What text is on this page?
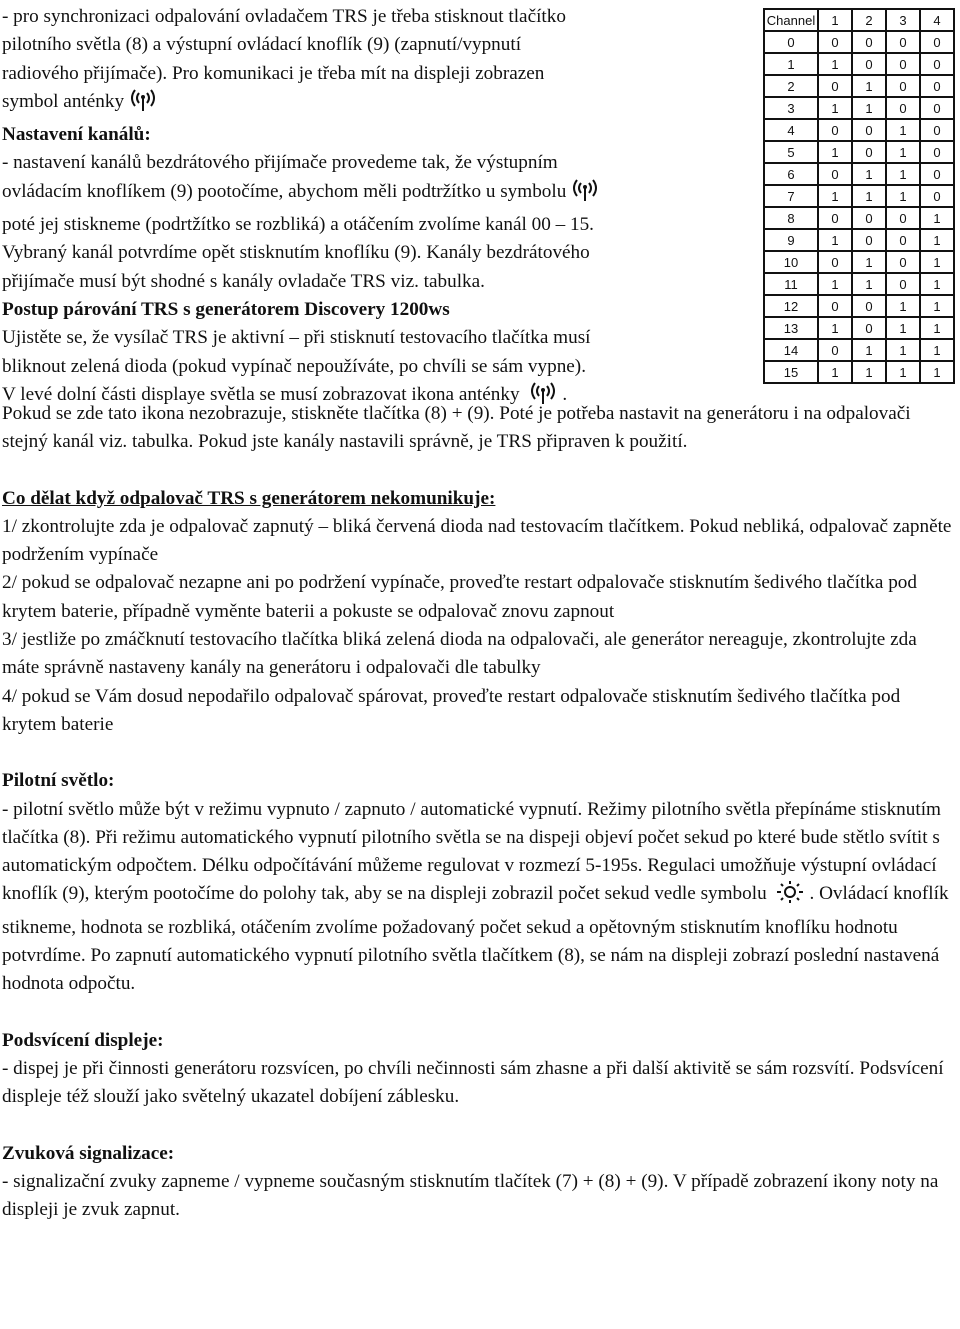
- pro synchronizaci odpalování ovladačem TRS je třeba stisknout tlačítko

pilotního světla (8) a výstupní ovládací knoflík (9) (zapnutí/vypnutí

radiového přijímače). Pro komunikaci je třeba mít na displeji zobrazen

symbol anténky

Nastavení kanálů:

- nastavení kanálů bezdrátového přijímače provedeme tak, že výstupním

ovládacím knoflíkem (9) pootočíme, abychom měli podtržítko u symbolu

poté jej stiskneme (podrtžítko se rozbliká) a otáčením zvolíme kanál 00 – 15.

Vybraný kanál potvrdíme opět stisknutím knoflíku (9). Kanály bezdrátového

přijímače musí být shodné s kanály ovladače TRS viz. tabulka.

Postup párování TRS s generátorem Discovery 1200ws

Ujistěte se, že vysílač TRS je aktivní – při stisknutí testovacího tlačítka musí

bliknout zelená dioda (pokud vypínač nepoužíváte, po chvíli se sám vypne).

V levé dolní části displaye světla se musí zobrazovat ikona anténky .

Channel	1	2	3	4
0	0	0	0	0
1	1	0	0	0
2	0	1	0	0
3	1	1	0	0
4	0	0	1	0
5	1	0	1	0
6	0	1	1	0
7	1	1	1	0
8	0	0	0	1
9	1	0	0	1
10	0	1	0	1
11	1	1	0	1
12	0	0	1	1
13	1	0	1	1
14	0	1	1	1
15	1	1	1	1

Pokud se zde tato ikona nezobrazuje, stiskněte tlačítka (8) + (9). Poté je potřeba nastavit na generátoru i na odpalovači stejný kanál viz. tabulka. Pokud jste kanály nastavili správně, je TRS připraven k použití.

Co dělat když odpalovač TRS s generátorem nekomunikuje:

1/ zkontrolujte zda je odpalovač zapnutý – bliká červená dioda nad testovacím tlačítkem. Pokud nebliká, odpalovač zapněte podržením vypínače

2/ pokud se odpalovač nezapne ani po podržení vypínače, proveďte restart odpalovače stisknutím šedivého tlačítka pod krytem baterie, případně vyměnte baterii a pokuste se odpalovač znovu zapnout

3/ jestliže po zmáčknutí testovacího tlačítka bliká zelená dioda na odpalovači, ale generátor nereaguje, zkontrolujte zda máte správně nastaveny kanály na generátoru i odpalovači dle tabulky

4/ pokud se Vám dosud nepodařilo odpalovač spárovat, proveďte restart odpalovače stisknutím šedivého tlačítka pod krytem baterie

Pilotní světlo:

- pilotní světlo může být v režimu vypnuto / zapnuto / automatické vypnutí. Režimy pilotního světla přepínáme stisknutím tlačítka (8). Při režimu automatického vypnutí pilotního světla se na dispeji objeví počet sekud po které bude stětlo svítit s automatickým odpočtem. Délku odpočítávání můžeme regulovat v rozmezí 5-195s. Regulaci umožňuje výstupní ovládací knoflík (9), kterým pootočíme do polohy tak, aby se na displeji zobrazil počet sekud vedle symbolu . Ovládací knoflík stikneme, hodnota se rozbliká, otáčením zvolíme požadovaný počet sekud a opětovným stisknutím knoflíku hodnotu potvrdíme. Po zapnutí automatického vypnutí pilotního světla tlačítkem (8), se nám na displeji zobrazí poslední nastavená hodnota odpočtu.

Podsvícení displeje:

- dispej je při činnosti generátoru rozsvícen, po chvíli nečinnosti sám zhasne a při další aktivitě se sám rozsvítí. Podsvícení displeje též slouží jako světelný ukazatel dobíjení záblesku.

Zvuková signalizace:

- signalizační zvuky zapneme / vypneme současným stisknutím tlačítek (7) + (8) + (9). V případě zobrazení ikony noty na displeji je zvuk zapnut.
